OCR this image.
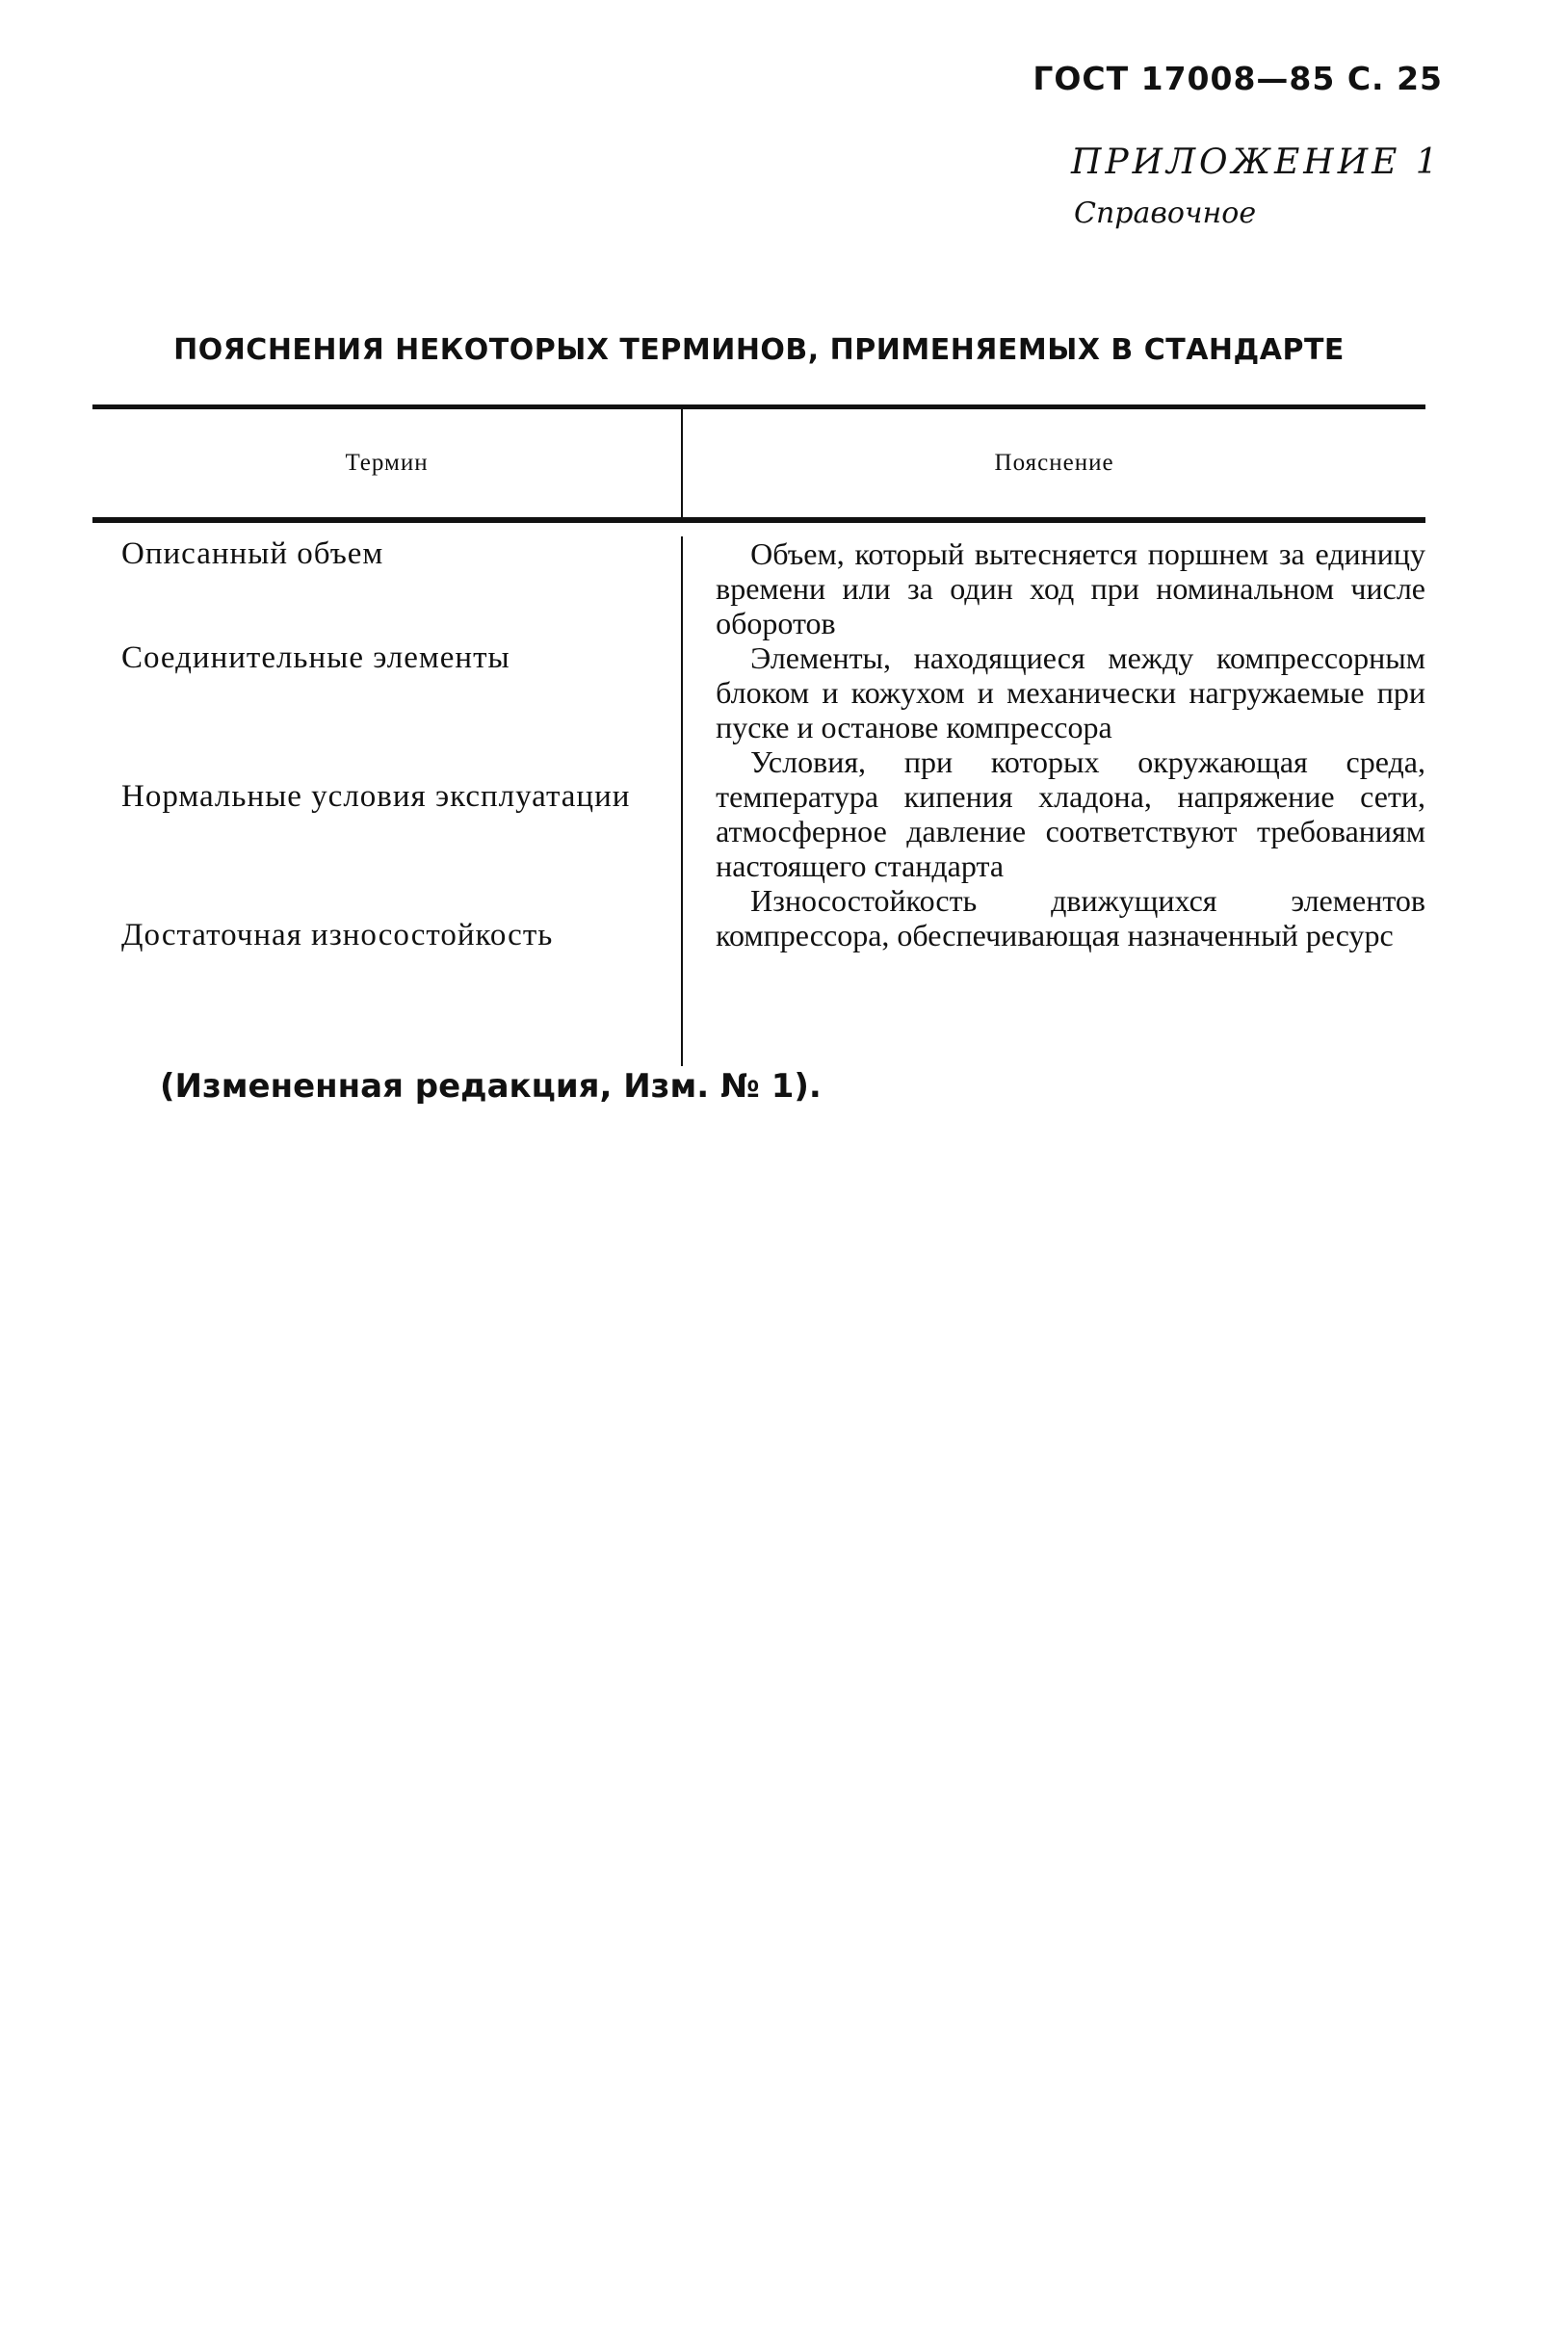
ГОСТ 17008—85 С. 25
ПРИЛОЖЕНИЕ 1
Справочное
ПОЯСНЕНИЯ НЕКОТОРЫХ ТЕРМИНОВ, ПРИМЕНЯЕМЫХ В СТАНДАРТЕ
Термин	Пояснение
Описанный объем
Соединительные элементы
Нормальные условия эксплуатации
Достаточная износостойкость
Объем, который вытесняется поршнем за единицу времени или за один ход при номинальном числе оборотов
Элементы, находящиеся между компрессорным блоком и кожухом и механически нагружаемые при пуске и останове компрессора
Условия, при которых окружающая среда, температура кипения хладона, напряжение сети, атмосферное давление соответствуют требованиям настоящего стандарта
Износостойкость движущихся элементов компрессора, обеспечивающая назначенный ресурс
(Измененная редакция, Изм. № 1).
